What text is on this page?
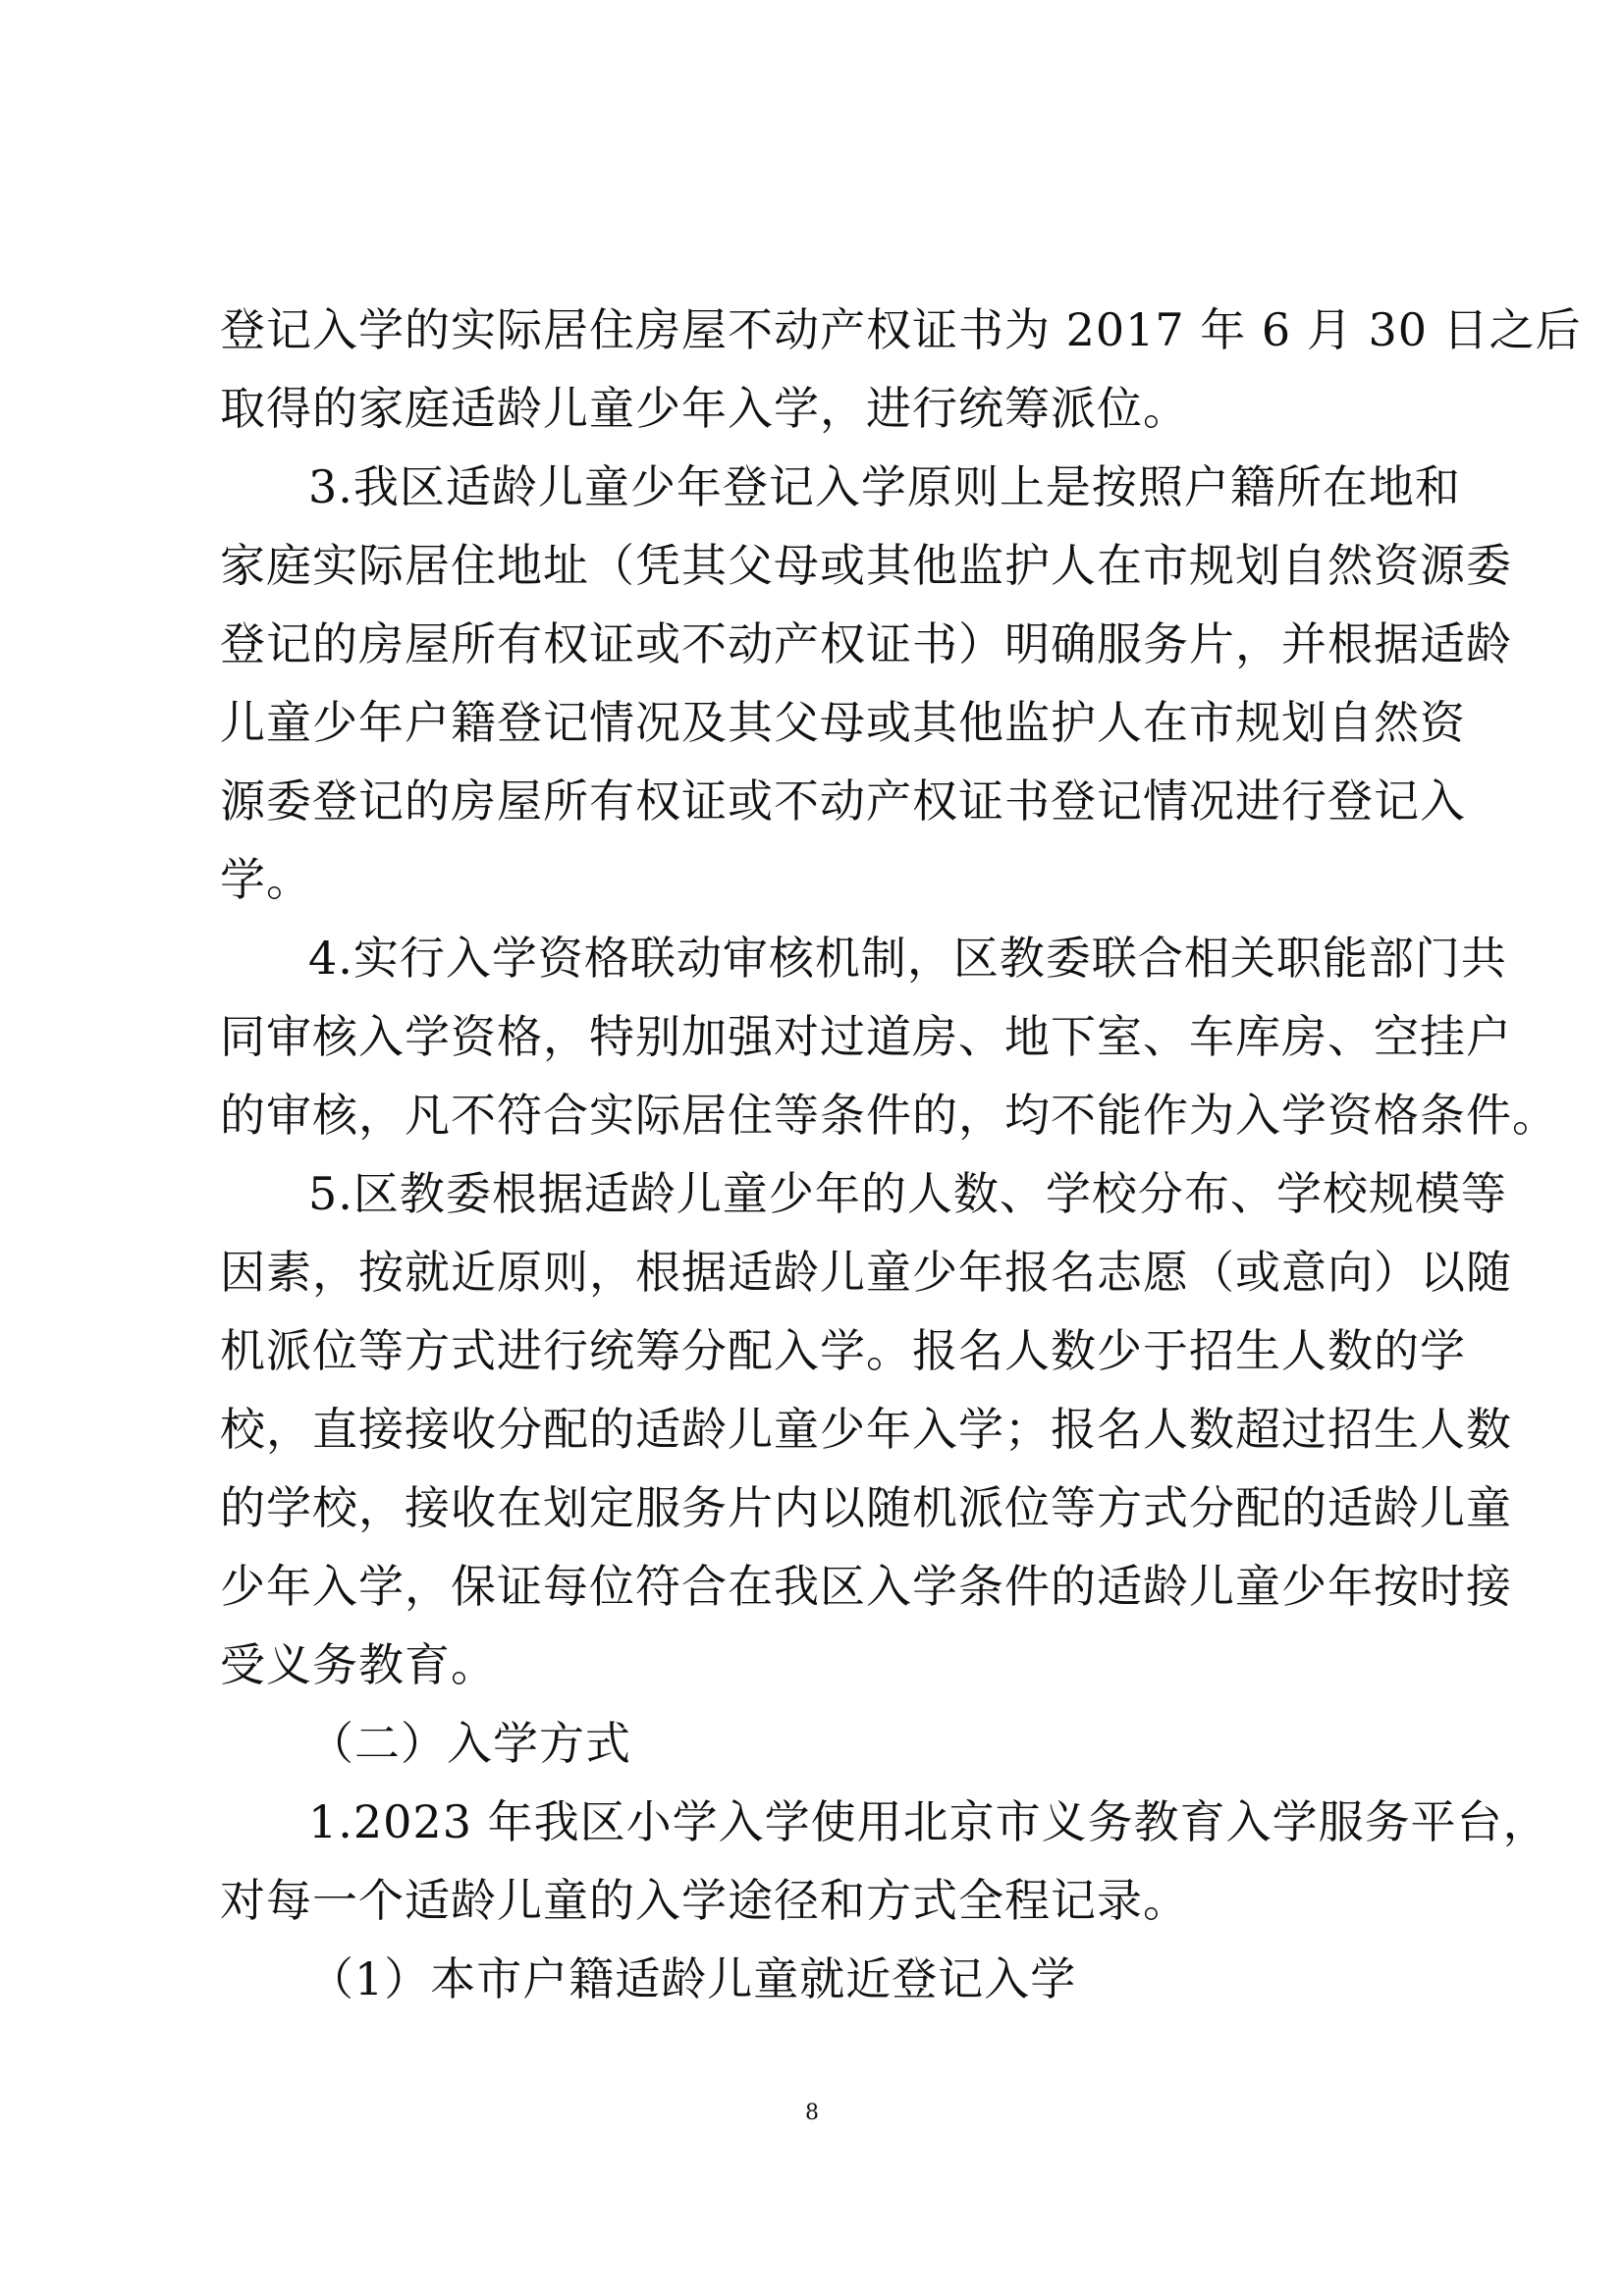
登记入学的实际居住房屋不动产权证书为 2017 年 6 月 30 日之后
取得的家庭适龄儿童少年入学，进行统筹派位。
3.我区适龄儿童少年登记入学原则上是按照户籍所在地和
家庭实际居住地址（凭其父母或其他监护人在市规划自然资源委
登记的房屋所有权证或不动产权证书）明确服务片，并根据适龄
儿童少年户籍登记情况及其父母或其他监护人在市规划自然资
源委登记的房屋所有权证或不动产权证书登记情况进行登记入
学。
4.实行入学资格联动审核机制，区教委联合相关职能部门共
同审核入学资格，特别加强对过道房、地下室、车库房、空挂户
的审核，凡不符合实际居住等条件的，均不能作为入学资格条件。
5.区教委根据适龄儿童少年的人数、学校分布、学校规模等
因素，按就近原则，根据适龄儿童少年报名志愿（或意向）以随
机派位等方式进行统筹分配入学。报名人数少于招生人数的学
校，直接接收分配的适龄儿童少年入学；报名人数超过招生人数
的学校，接收在划定服务片内以随机派位等方式分配的适龄儿童
少年入学，保证每位符合在我区入学条件的适龄儿童少年按时接
受义务教育。
（二）入学方式
1.2023 年我区小学入学使用北京市义务教育入学服务平台，
对每一个适龄儿童的入学途径和方式全程记录。
（1）本市户籍适龄儿童就近登记入学
8
